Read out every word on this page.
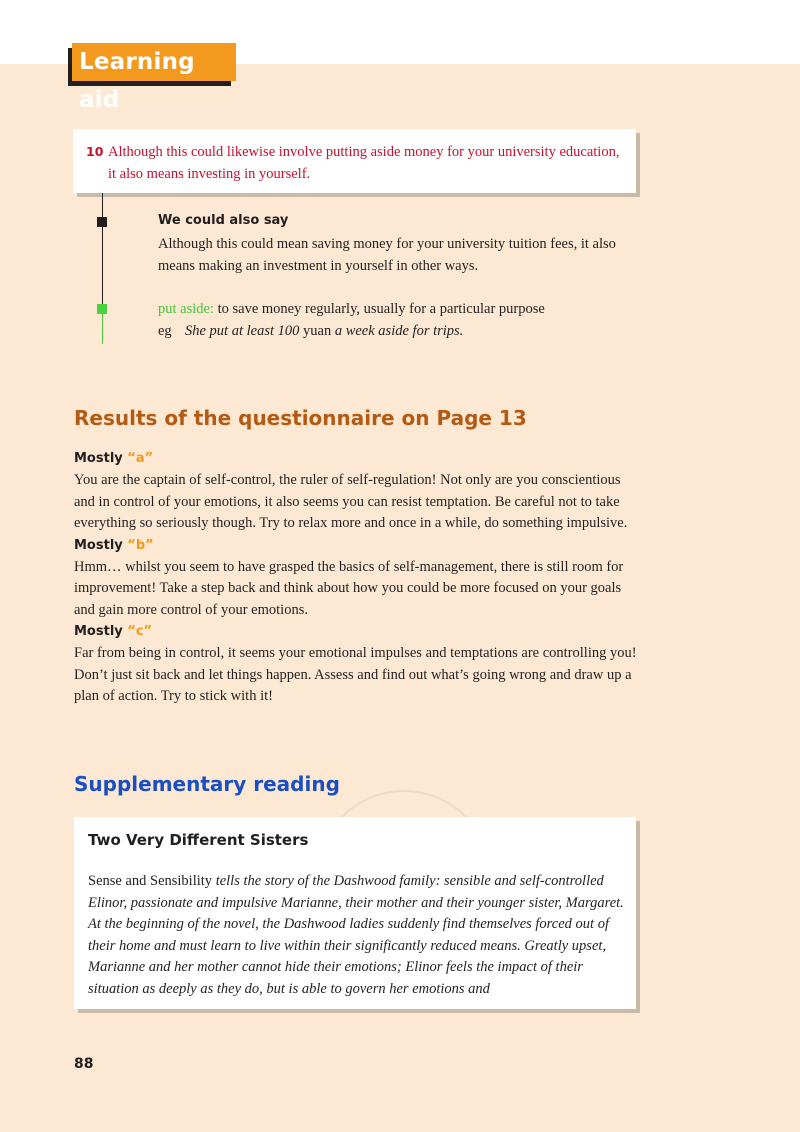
Learning aid
10 Although this could likewise involve putting aside money for your university education, it also means investing in yourself.
We could also say
Although this could mean saving money for your university tuition fees, it also means making an investment in yourself in other ways.
put aside: to save money regularly, usually for a particular purpose
eg She put at least 100 yuan a week aside for trips.
Results of the questionnaire on Page 13

Mostly “a”

You are the captain of self-control, the ruler of self-regulation! Not only are you conscientious and in control of your emotions, it also seems you can resist temptation. Be careful not to take everything so seriously though. Try to relax more and once in a while, do something impulsive.

Mostly “b”

Hmm… whilst you seem to have grasped the basics of self-management, there is still room for improvement! Take a step back and think about how you could be more focused on your goals and gain more control of your emotions.

Mostly “c”

Far from being in control, it seems your emotional impulses and temptations are controlling you! Don’t just sit back and let things happen. Assess and find out what’s going wrong and draw up a plan of action. Try to stick with it!

Supplementary reading
Two Very Different Sisters
Sense and Sensibility tells the story of the Dashwood family: sensible and self-controlled Elinor, passionate and impulsive Marianne, their mother and their younger sister, Margaret. At the beginning of the novel, the Dashwood ladies suddenly find themselves forced out of their home and must learn to live within their significantly reduced means. Greatly upset, Marianne and her mother cannot hide their emotions; Elinor feels the impact of their situation as deeply as they do, but is able to govern her emotions and
88
